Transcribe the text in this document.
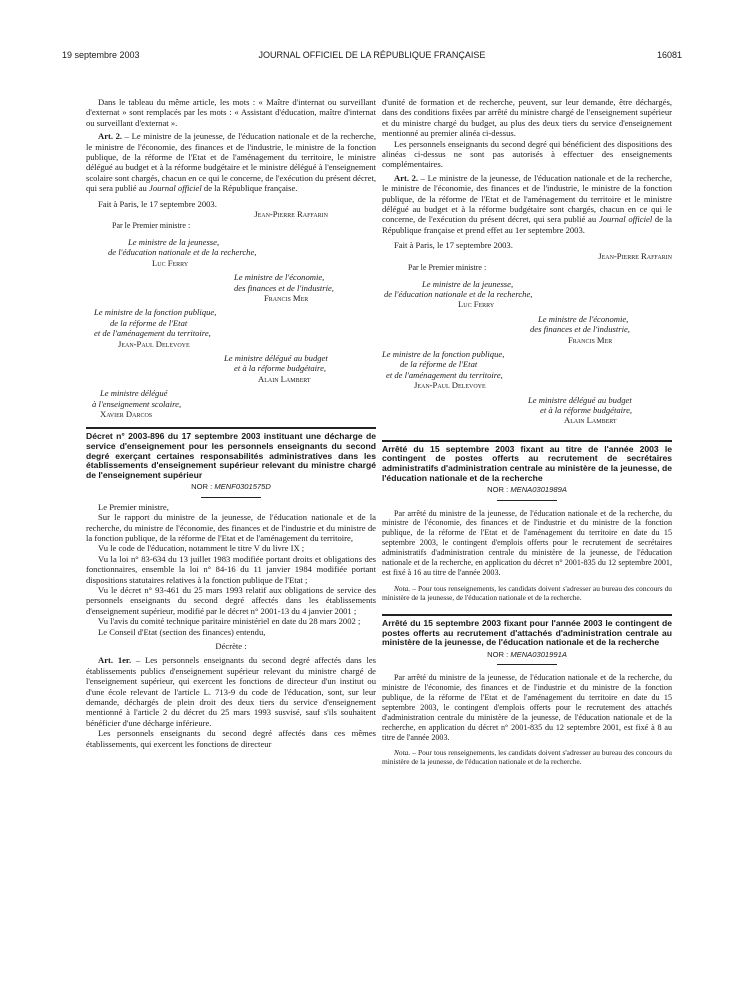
19 septembre 2003	JOURNAL OFFICIEL DE LA RÉPUBLIQUE FRANÇAISE	16081

Dans le tableau du même article, les mots : « Maître d'internat ou surveillant d'externat » sont remplacés par les mots : « Assistant d'éducation, maître d'internat ou surveillant d'externat ».

Art. 2. – Le ministre de la jeunesse, de l'éducation nationale et de la recherche, le ministre de l'économie, des finances et de l'industrie, le ministre de la fonction publique, de la réforme de l'Etat et de l'aménagement du territoire, le ministre délégué au budget et à la réforme budgétaire et le ministre délégué à l'enseignement scolaire sont chargés, chacun en ce qui le concerne, de l'exécution du présent décret, qui sera publié au Journal officiel de la République française.

Fait à Paris, le 17 septembre 2003.

Jean-Pierre Raffarin

Par le Premier ministre :

Le ministre de la jeunesse,

de l'éducation nationale et de la recherche,

Luc Ferry

Le ministre de l'économie,

des finances et de l'industrie,

Francis Mer

Le ministre de la fonction publique,

de la réforme de l'Etat

et de l'aménagement du territoire,

Jean-Paul Delevoye

Le ministre délégué au budget

et à la réforme budgétaire,

Alain Lambert

Le ministre délégué

à l'enseignement scolaire,

Xavier Darcos

Décret n° 2003-896 du 17 septembre 2003 instituant une décharge de service d'enseignement pour les personnels enseignants du second degré exerçant certaines responsabilités administratives dans les établissements d'enseignement supérieur relevant du ministre chargé de l'enseignement supérieur

NOR : MENF0301575D

Le Premier ministre,

Sur le rapport du ministre de la jeunesse, de l'éducation nationale et de la recherche, du ministre de l'économie, des finances et de l'industrie et du ministre de la fonction publique, de la réforme de l'Etat et de l'aménagement du territoire,

Vu le code de l'éducation, notamment le titre V du livre IX ;

Vu la loi n° 83-634 du 13 juillet 1983 modifiée portant droits et obligations des fonctionnaires, ensemble la loi n° 84-16 du 11 janvier 1984 modifiée portant dispositions statutaires relatives à la fonction publique de l'Etat ;

Vu le décret n° 93-461 du 25 mars 1993 relatif aux obligations de service des personnels enseignants du second degré affectés dans les établissements d'enseignement supérieur, modifié par le décret n° 2001-13 du 4 janvier 2001 ;

Vu l'avis du comité technique paritaire ministériel en date du 28 mars 2002 ;

Le Conseil d'Etat (section des finances) entendu,

Décrète :

Art. 1er. – Les personnels enseignants du second degré affectés dans les établissements publics d'enseignement supérieur relevant du ministre chargé de l'enseignement supérieur, qui exercent les fonctions de directeur d'un institut ou d'une école relevant de l'article L. 713-9 du code de l'éducation, sont, sur leur demande, déchargés de plein droit des deux tiers du service d'enseignement mentionné à l'article 2 du décret du 25 mars 1993 susvisé, sauf s'ils souhaitent bénéficier d'une décharge inférieure.

Les personnels enseignants du second degré affectés dans ces mêmes établissements, qui exercent les fonctions de directeur

d'unité de formation et de recherche, peuvent, sur leur demande, être déchargés, dans des conditions fixées par arrêté du ministre chargé de l'enseignement supérieur et du ministre chargé du budget, au plus des deux tiers du service d'enseignement mentionné au premier alinéa ci-dessus.

Les personnels enseignants du second degré qui bénéficient des dispositions des alinéas ci-dessus ne sont pas autorisés à effectuer des enseignements complémentaires.

Art. 2. – Le ministre de la jeunesse, de l'éducation nationale et de la recherche, le ministre de l'économie, des finances et de l'industrie, le ministre de la fonction publique, de la réforme de l'Etat et de l'aménagement du territoire et le ministre délégué au budget et à la réforme budgétaire sont chargés, chacun en ce qui le concerne, de l'exécution du présent décret, qui sera publié au Journal officiel de la République française et prend effet au 1er septembre 2003.

Fait à Paris, le 17 septembre 2003.

Jean-Pierre Raffarin

Par le Premier ministre :

Le ministre de la jeunesse,

de l'éducation nationale et de la recherche,

Luc Ferry

Le ministre de l'économie,

des finances et de l'industrie,

Francis Mer

Le ministre de la fonction publique,

de la réforme de l'Etat

et de l'aménagement du territoire,

Jean-Paul Delevoye

Le ministre délégué au budget

et à la réforme budgétaire,

Alain Lambert

Arrêté du 15 septembre 2003 fixant au titre de l'année 2003 le contingent de postes offerts au recrutement de secrétaires administratifs d'administration centrale au ministère de la jeunesse, de l'éducation nationale et de la recherche

NOR : MENA0301989A

Par arrêté du ministre de la jeunesse, de l'éducation nationale et de la recherche, du ministre de l'économie, des finances et de l'industrie et du ministre de la fonction publique, de la réforme de l'Etat et de l'aménagement du territoire en date du 15 septembre 2003, le contingent d'emplois offerts pour le recrutement de secrétaires administratifs d'administration centrale du ministère de la jeunesse, de l'éducation nationale et de la recherche, en application du décret n° 2001-835 du 12 septembre 2001, est fixé à 16 au titre de l'année 2003.

Nota. – Pour tous renseignements, les candidats doivent s'adresser au bureau des concours du ministère de la jeunesse, de l'éducation nationale et de la recherche.

Arrêté du 15 septembre 2003 fixant pour l'année 2003 le contingent de postes offerts au recrutement d'attachés d'administration centrale au ministère de la jeunesse, de l'éducation nationale et de la recherche

NOR : MENA0301991A

Par arrêté du ministre de la jeunesse, de l'éducation nationale et de la recherche, du ministre de l'économie, des finances et de l'industrie et du ministre de la fonction publique, de la réforme de l'Etat et de l'aménagement du territoire en date du 15 septembre 2003, le contingent d'emplois offerts pour le recrutement des attachés d'administration centrale du ministère de la jeunesse, de l'éducation nationale et de la recherche, en application du décret n° 2001-835 du 12 septembre 2001, est fixé à 8 au titre de l'année 2003.

Nota. – Pour tous renseignements, les candidats doivent s'adresser au bureau des concours du ministère de la jeunesse, de l'éducation nationale et de la recherche.
